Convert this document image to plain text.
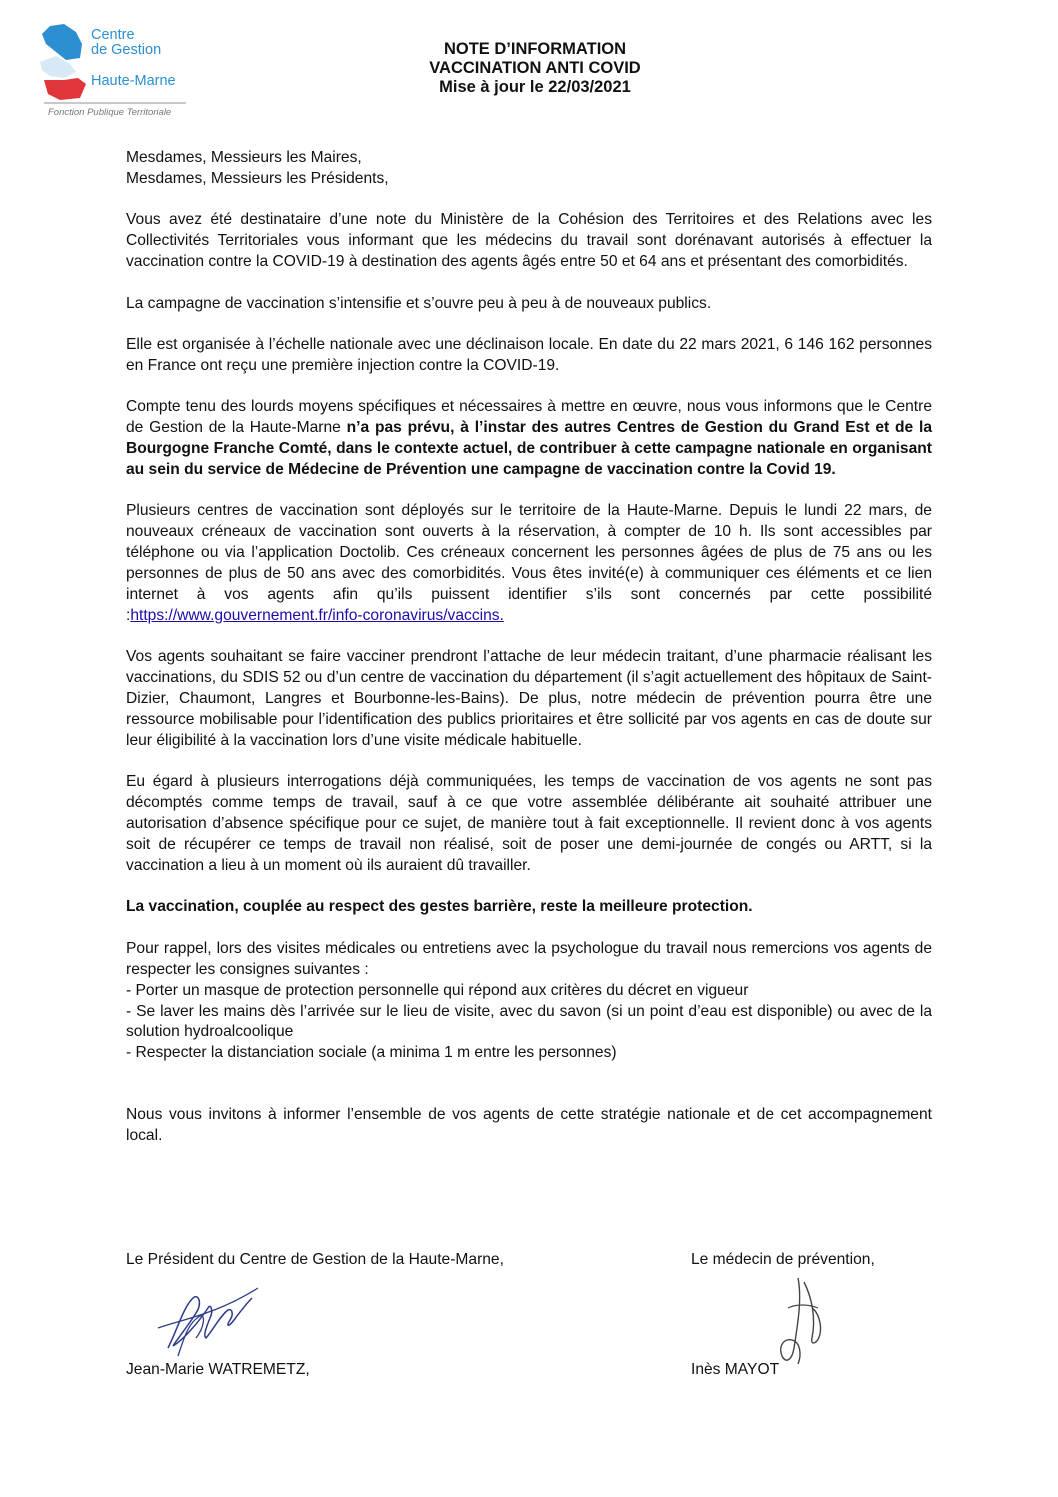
Centre
de Gestion
Haute-Marne
Fonction Publique Territoriale
NOTE D’INFORMATION
VACCINATION ANTI COVID
Mise à jour le 22/03/2021

Mesdames, Messieurs les Maires,

Mesdames, Messieurs les Présidents,

Vous avez été destinataire d’une note du Ministère de la Cohésion des Territoires et des Relations avec les Collectivités Territoriales vous informant que les médecins du travail sont dorénavant autorisés à effectuer la vaccination contre la COVID-19 à destination des agents âgés entre 50 et 64 ans et présentant des comorbidités.

La campagne de vaccination s’intensifie et s’ouvre peu à peu à de nouveaux publics.

Elle est organisée à l’échelle nationale avec une déclinaison locale. En date du 22 mars 2021, 6 146 162 personnes en France ont reçu une première injection contre la COVID-19.

Compte tenu des lourds moyens spécifiques et nécessaires à mettre en œuvre, nous vous informons que le Centre de Gestion de la Haute-Marne n’a pas prévu, à l’instar des autres Centres de Gestion du Grand Est et de la Bourgogne Franche Comté, dans le contexte actuel, de contribuer à cette campagne nationale en organisant au sein du service de Médecine de Prévention une campagne de vaccination contre la Covid 19.

Plusieurs centres de vaccination sont déployés sur le territoire de la Haute-Marne. Depuis le lundi 22 mars, de nouveaux créneaux de vaccination sont ouverts à la réservation, à compter de 10 h. Ils sont accessibles par téléphone ou via l’application Doctolib. Ces créneaux concernent les personnes âgées de plus de 75 ans ou les personnes de plus de 50 ans avec des comorbidités. Vous êtes invité(e) à communiquer ces éléments et ce lien internet à vos agents afin qu’ils puissent identifier s’ils sont concernés par cette possibilité :https://www.gouvernement.fr/info-coronavirus/vaccins.

Vos agents souhaitant se faire vacciner prendront l’attache de leur médecin traitant, d’une pharmacie réalisant les vaccinations, du SDIS 52 ou d’un centre de vaccination du département (il s’agit actuellement des hôpitaux de Saint-Dizier, Chaumont, Langres et Bourbonne-les-Bains). De plus, notre médecin de prévention pourra être une ressource mobilisable pour l’identification des publics prioritaires et être sollicité par vos agents en cas de doute sur leur éligibilité à la vaccination lors d’une visite médicale habituelle.

Eu égard à plusieurs interrogations déjà communiquées, les temps de vaccination de vos agents ne sont pas décomptés comme temps de travail, sauf à ce que votre assemblée délibérante ait souhaité attribuer une autorisation d’absence spécifique pour ce sujet, de manière tout à fait exceptionnelle. Il revient donc à vos agents soit de récupérer ce temps de travail non réalisé, soit de poser une demi-journée de congés ou ARTT, si la vaccination a lieu à un moment où ils auraient dû travailler.

La vaccination, couplée au respect des gestes barrière, reste la meilleure protection.

Pour rappel, lors des visites médicales ou entretiens avec la psychologue du travail nous remercions vos agents de respecter les consignes suivantes :

- Porter un masque de protection personnelle qui répond aux critères du décret en vigueur

- Se laver les mains dès l’arrivée sur le lieu de visite, avec du savon (si un point d’eau est disponible) ou avec de la solution hydroalcoolique

- Respecter la distanciation sociale (a minima 1 m entre les personnes)

Nous vous invitons à informer l’ensemble de vos agents de cette stratégie nationale et de cet accompagnement local.

Le Président du Centre de Gestion de la Haute-Marne,	Le médecin de prévention,
Jean-Marie WATREMETZ,	Inès MAYOT
